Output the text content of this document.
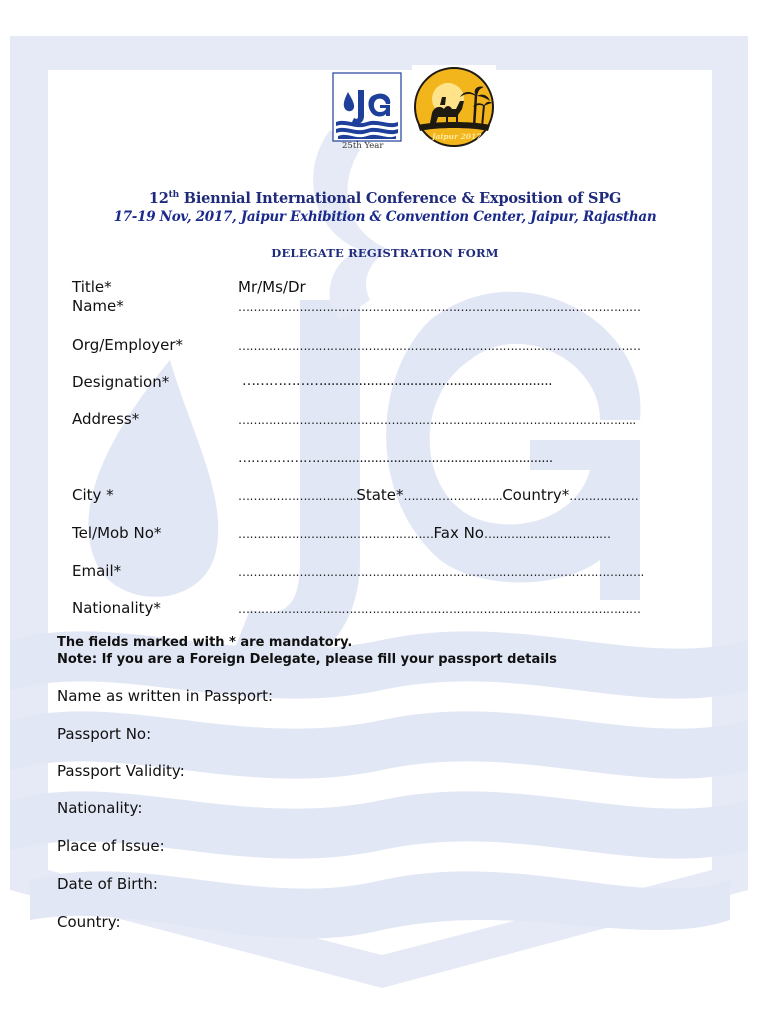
25th Year
Jaipur 2017
12th Biennial International Conference & Exposition of SPG
17-19 Nov, 2017, Jaipur Exhibition & Convention Center, Jaipur, Rajasthan
DELEGATE REGISTRATION FORM
Title*	Mr/Ms/Dr
Name*	……………………………………………………………………………………………
Org/Employer*	……………………………………………………………………………………………
Designation*	………………..........................................................
Address*	…………………………………………………………………………………………..
…………………...........................................................
City *	………………………….State*……………………..Country*………………
Tel/Mob No*	……………………………………………Fax No……………………………
Email*	…………………………………………………………………………………………….
Nationality*	……………………………………………………………………………………………
The fields marked with * are mandatory.
Note: If you are a Foreign Delegate, please fill your passport details
Name as written in Passport:
Passport No:
Passport Validity:
Nationality:
Place of Issue:
Date of Birth:
Country:
